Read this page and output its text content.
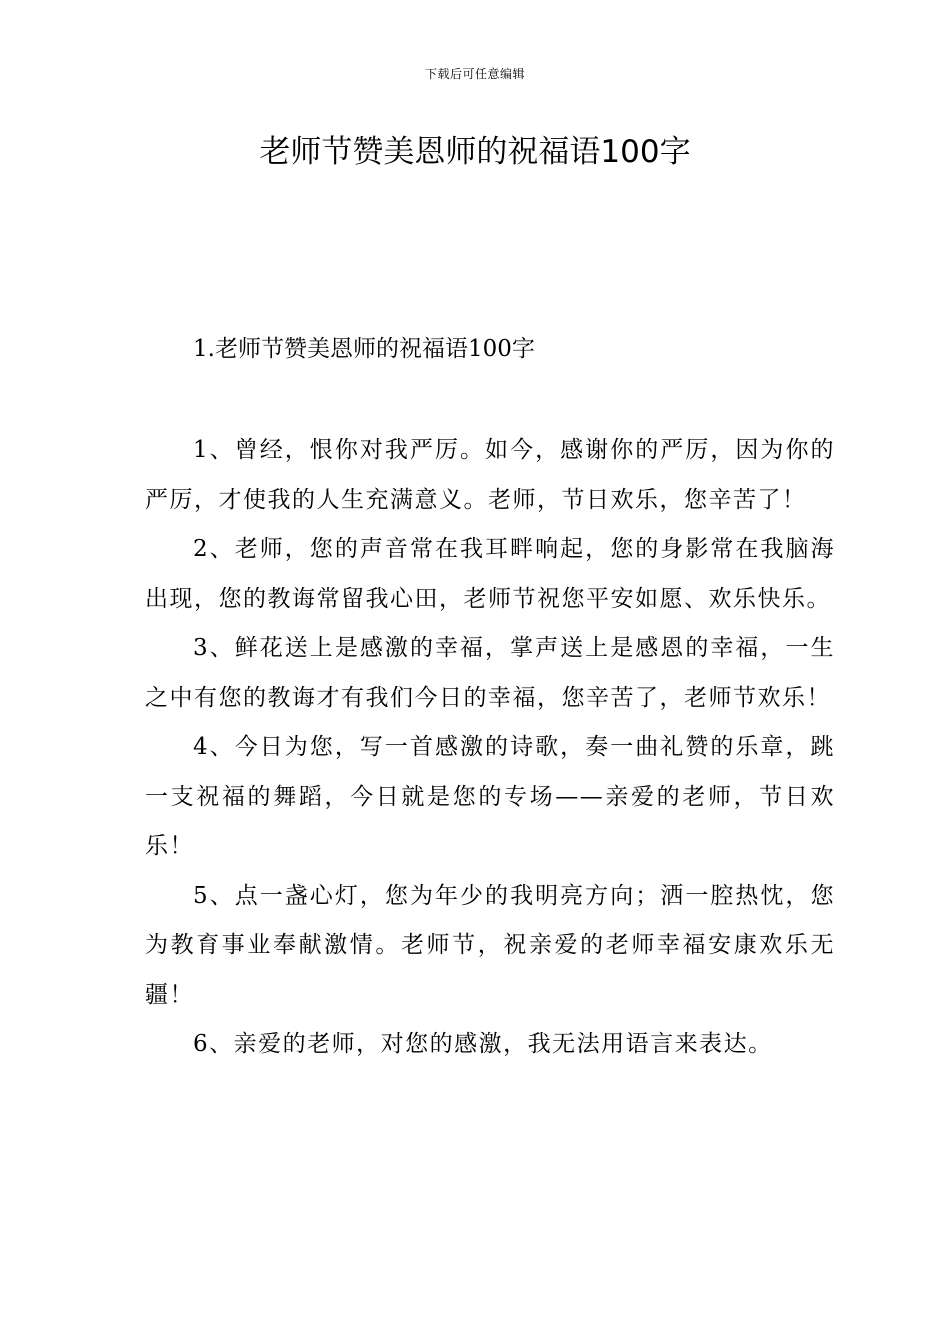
下载后可任意编辑
老师节赞美恩师的祝福语100字
1.老师节赞美恩师的祝福语100字

1、曾经，恨你对我严厉。如今，感谢你的严厉，因为你的严厉，才使我的人生充满意义。老师，节日欢乐，您辛苦了！

2、老师，您的声音常在我耳畔响起，您的身影常在我脑海出现，您的教诲常留我心田，老师节祝您平安如愿、欢乐快乐。

3、鲜花送上是感激的幸福，掌声送上是感恩的幸福，一生之中有您的教诲才有我们今日的幸福，您辛苦了，老师节欢乐！

4、今日为您，写一首感激的诗歌，奏一曲礼赞的乐章，跳一支祝福的舞蹈，今日就是您的专场——亲爱的老师，节日欢乐！

5、点一盏心灯，您为年少的我明亮方向；洒一腔热忱，您为教育事业奉献激情。老师节，祝亲爱的老师幸福安康欢乐无疆！

6、亲爱的老师，对您的感激，我无法用语言来表达。
